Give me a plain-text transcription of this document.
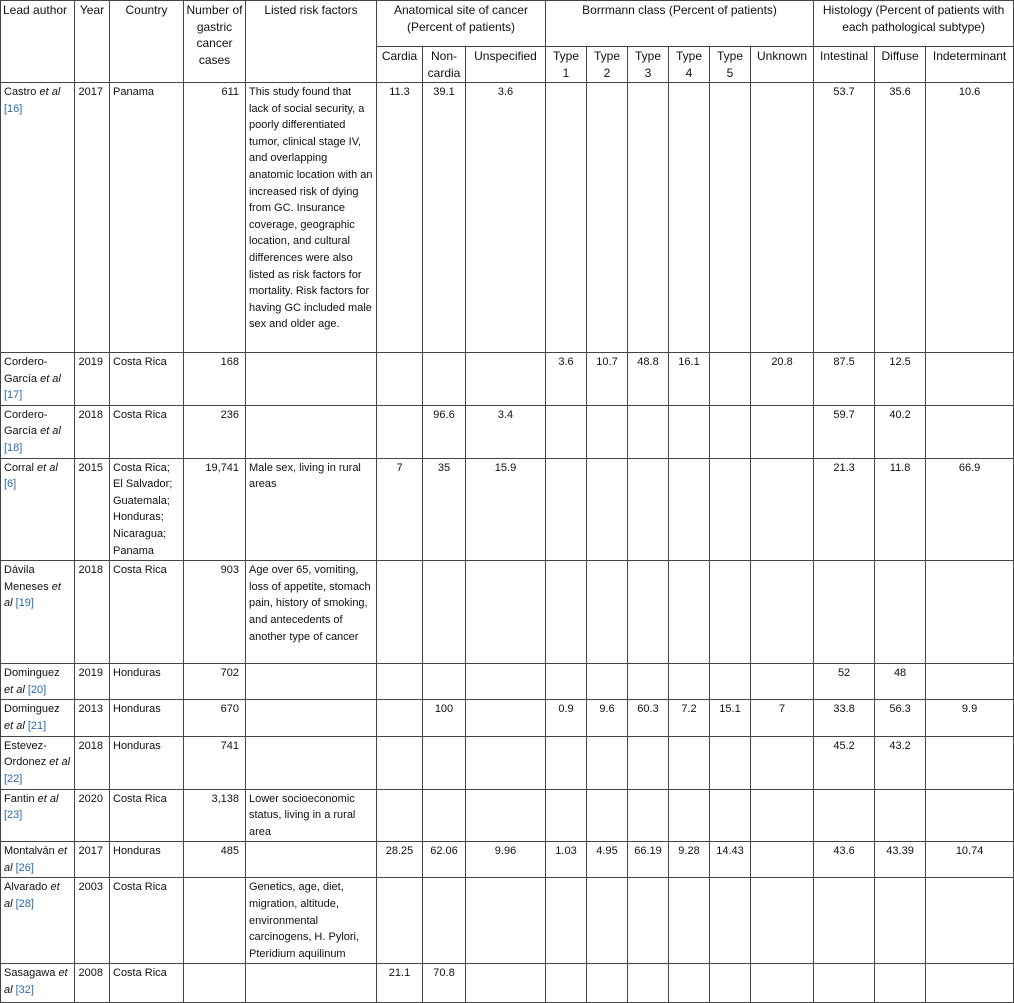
Lead author	Year	Country	Number of gastric cancer cases	Listed risk factors	Anatomical site of cancer (Percent of patients)			Borrmann class (Percent of patients)						Histology (Percent of patients with each pathological subtype)		
					Cardia	Non-cardia	Unspecified	Type 1	Type 2	Type 3	Type 4	Type 5	Unknown	Intestinal	Diffuse	Indeterminant
Castro et al [16]	2017	Panama	611	This study found that lack of social security, a poorly differentiated tumor, clinical stage IV, and overlapping anatomic location with an increased risk of dying from GC. Insurance coverage, geographic location, and cultural differences were also listed as risk factors for mortality. Risk factors for having GC included male sex and older age.	11.3	39.1	3.6							53.7	35.6	10.6
Cordero-García et al [17]	2019	Costa Rica	168					3.6	10.7	48.8	16.1		20.8	87.5	12.5	
Cordero-García et al [18]	2018	Costa Rica	236			96.6	3.4							59.7	40.2	
Corral et al [6]	2015	Costa Rica; El Salvador; Guatemala; Honduras; Nicaragua; Panama	19,741	Male sex, living in rural areas	7	35	15.9							21.3	11.8	66.9
Dávila Meneses et al [19]	2018	Costa Rica	903	Age over 65, vomiting, loss of appetite, stomach pain, history of smoking, and antecedents of another type of cancer												
Dominguez et al [20]	2019	Honduras	702											52	48	
Dominguez et al [21]	2013	Honduras	670			100		0.9	9.6	60.3	7.2	15.1	7	33.8	56.3	9.9
Estevez-Ordonez et al [22]	2018	Honduras	741											45.2	43.2	
Fantin et al [23]	2020	Costa Rica	3,138	Lower socioeconomic status, living in a rural area												
Montalván et al [26]	2017	Honduras	485		28.25	62.06	9.96	1.03	4.95	66.19	9.28	14.43		43.6	43.39	10.74
Alvarado et al [28]	2003	Costa Rica		Genetics, age, diet, migration, altitude, environmental carcinogens, H. Pylori, Pteridium aquilinum												
Sasagawa et al [32]	2008	Costa Rica			21.1	70.8										
